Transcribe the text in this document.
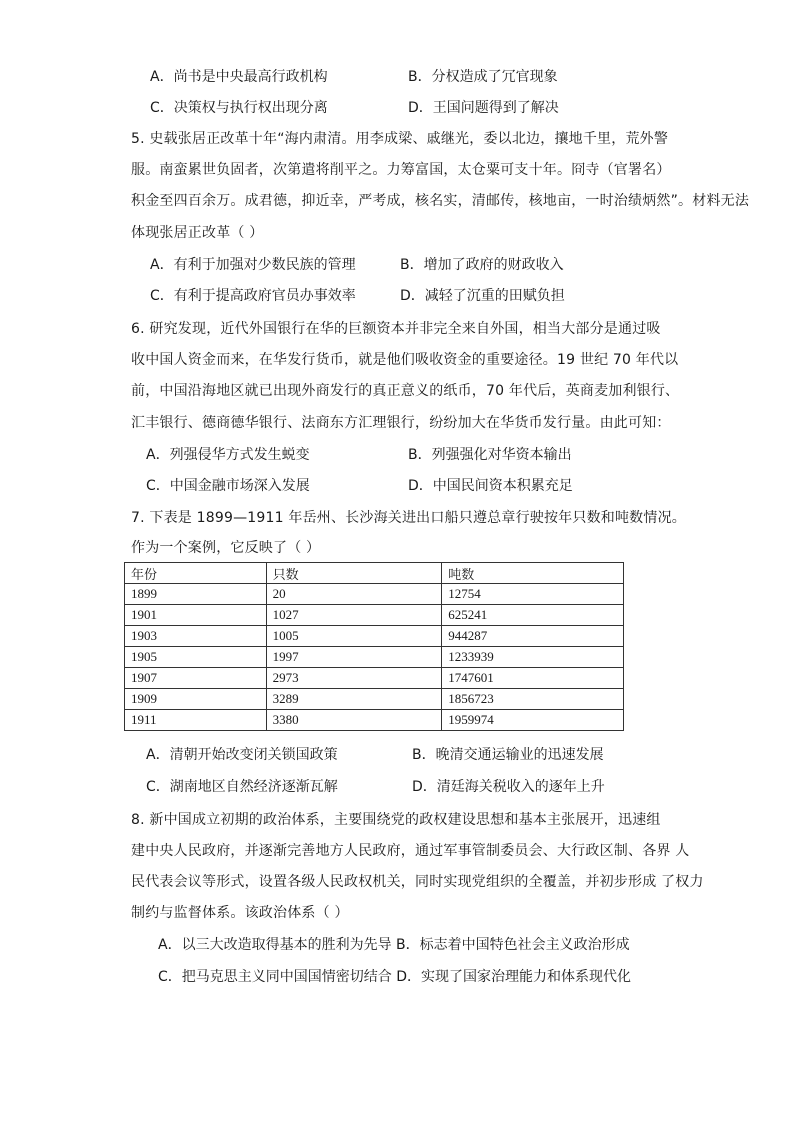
A．尚书是中央最高行政机构	B．分权造成了冗官现象
C．决策权与执行权出现分离	D．王国问题得到了解决
5. 史载张居正改革十年“海内肃清。用李成梁、戚继光，委以北边，攘地千里，荒外警
服。南蛮累世负固者，次第遣将削平之。力筹富国，太仓粟可支十年。冏寺（官署名）
积金至四百余万。成君德，抑近幸，严考成，核名实，清邮传，核地亩，一时治绩炳然”。材料无法
体现张居正改革（ ）
A．有利于加强对少数民族的管理	B．增加了政府的财政收入
C．有利于提高政府官员办事效率	D．减轻了沉重的田赋负担
6. 研究发现，近代外国银行在华的巨额资本并非完全来自外国，相当大部分是通过吸
收中国人资金而来，在华发行货币，就是他们吸收资金的重要途径。19 世纪 70 年代以
前，中国沿海地区就已出现外商发行的真正意义的纸币，70 年代后，英商麦加利银行、
汇丰银行、德商德华银行、法商东方汇理银行，纷纷加大在华货币发行量。由此可知：
A．列强侵华方式发生蜕变	B．列强强化对华资本输出
C．中国金融市场深入发展	D．中国民间资本积累充足
7. 下表是 1899—1911 年岳州、长沙海关进出口船只遵总章行驶按年只数和吨数情况。
作为一个案例，它反映了（ ）
年份	只数	吨数
1899	20	12754
1901	1027	625241
1903	1005	944287
1905	1997	1233939
1907	2973	1747601
1909	3289	1856723
1911	3380	1959974
A．清朝开始改变闭关锁国政策	B．晚清交通运输业的迅速发展
C．湖南地区自然经济逐渐瓦解	D．清廷海关税收入的逐年上升
8. 新中国成立初期的政治体系，主要围绕党的政权建设思想和基本主张展开，迅速组
建中央人民政府，并逐渐完善地方人民政府，通过军事管制委员会、大行政区制、各界 人
民代表会议等形式，设置各级人民政权机关，同时实现党组织的全覆盖，并初步形成 了权力
制约与监督体系。该政治体系（ ）
A．以三大改造取得基本的胜利为先导 B．标志着中国特色社会主义政治形成
C．把马克思主义同中国国情密切结合 D．实现了国家治理能力和体系现代化
